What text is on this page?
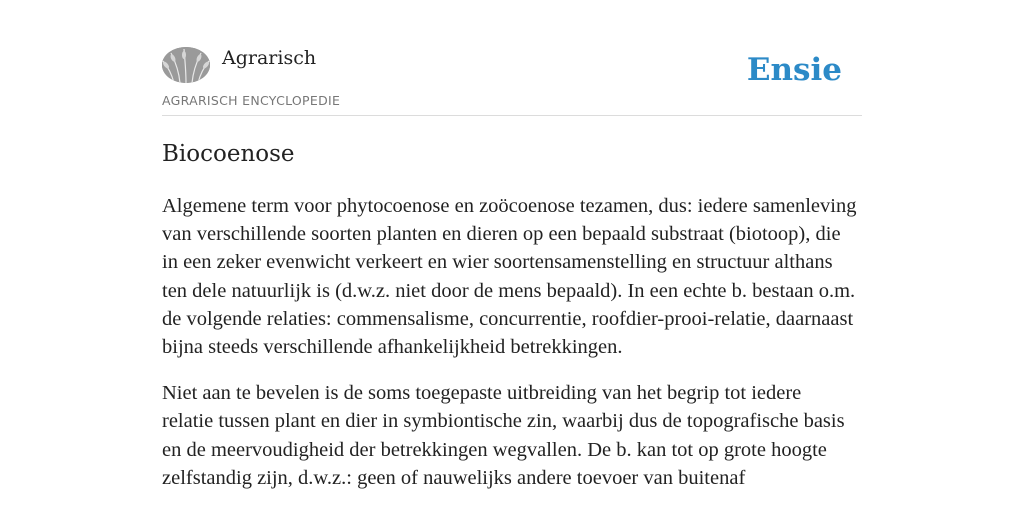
Agrarisch
AGRARISCH ENCYCLOPEDIE
Ensie
Biocoenose

Algemene term voor phytocoenose en zoöcoenose tezamen, dus: iedere samenleving van verschillende soorten planten en dieren op een bepaald substraat (biotoop), die in een zeker evenwicht verkeert en wier soortensamenstelling en structuur althans ten dele natuurlijk is (d.w.z. niet door de mens bepaald). In een echte b. bestaan o.m. de volgende relaties: commensalisme, concurrentie, roofdier-prooi-relatie, daarnaast bijna steeds verschillende afhankelijkheid betrekkingen.

Niet aan te bevelen is de soms toegepaste uitbreiding van het begrip tot iedere relatie tussen plant en dier in symbiontische zin, waarbij dus de topografische basis en de meervoudigheid der betrekkingen wegvallen. De b. kan tot op grote hoogte zelfstandig zijn, d.w.z.: geen of nauwelijks andere toevoer van buitenaf
